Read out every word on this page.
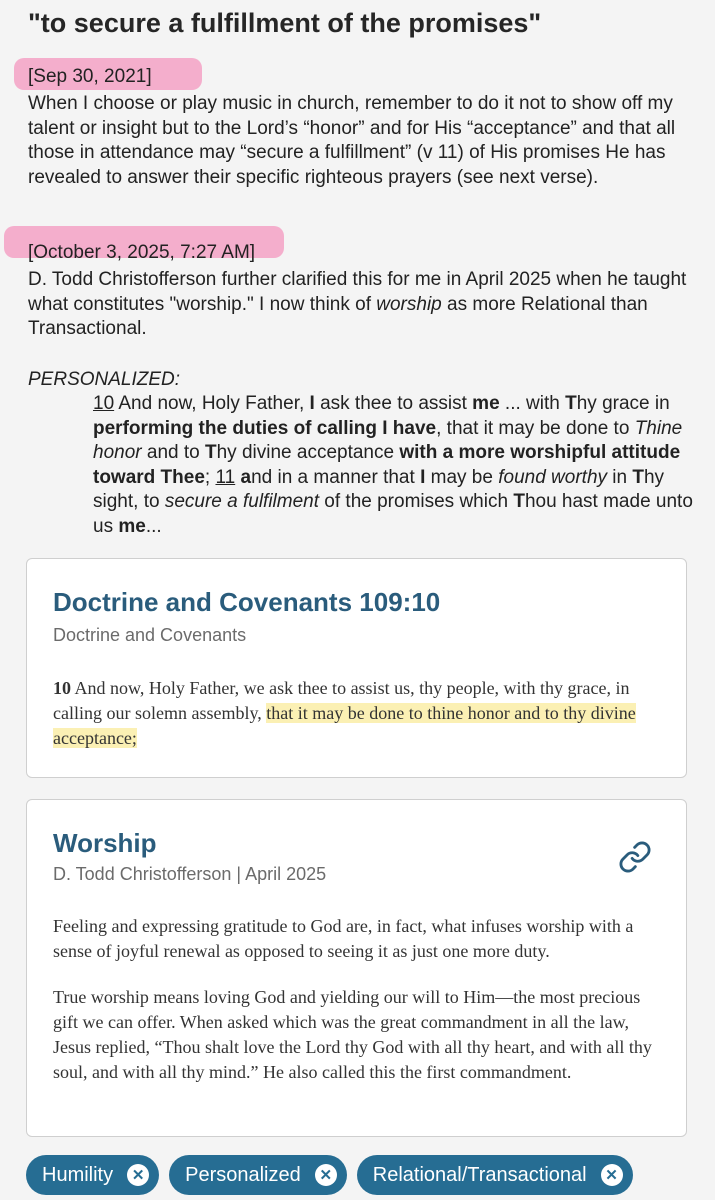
"to secure a fulfillment of the promises"

[Sep 30, 2021]

When I choose or play music in church, remember to do it not to show off my talent or insight but to the Lord’s “honor” and for His “acceptance” and that all those in attendance may “secure a fulfillment” (v 11) of His promises He has revealed to answer their specific righteous prayers (see next verse).

[October 3, 2025, 7:27 AM]

D. Todd Christofferson further clarified this for me in April 2025 when he taught what constitutes "worship." I now think of worship as more Relational than Transactional.

PERSONALIZED:
10 And now, Holy Father, I ask thee to assist me ... with Thy grace in performing the duties of calling I have, that it may be done to Thine honor and to Thy divine acceptance with a more worshipful attitude toward Thee; 11 and in a manner that I may be found worthy in Thy sight, to secure a fulfilment of the promises which Thou hast made unto us me...
Doctrine and Covenants 109:10
Doctrine and Covenants
10 And now, Holy Father, we ask thee to assist us, thy people, with thy grace, in calling our solemn assembly, that it may be done to thine honor and to thy divine acceptance;
Worship
D. Todd Christofferson | April 2025
Feeling and expressing gratitude to God are, in fact, what infuses worship with a sense of joyful renewal as opposed to seeing it as just one more duty.
True worship means loving God and yielding our will to Him—the most precious gift we can offer. When asked which was the great commandment in all the law, Jesus replied, “Thou shalt love the Lord thy God with all thy heart, and with all thy soul, and with all thy mind.” He also called this the first commandment.
Humility	✕ Personalized	✕ Relational/Transactional	✕
